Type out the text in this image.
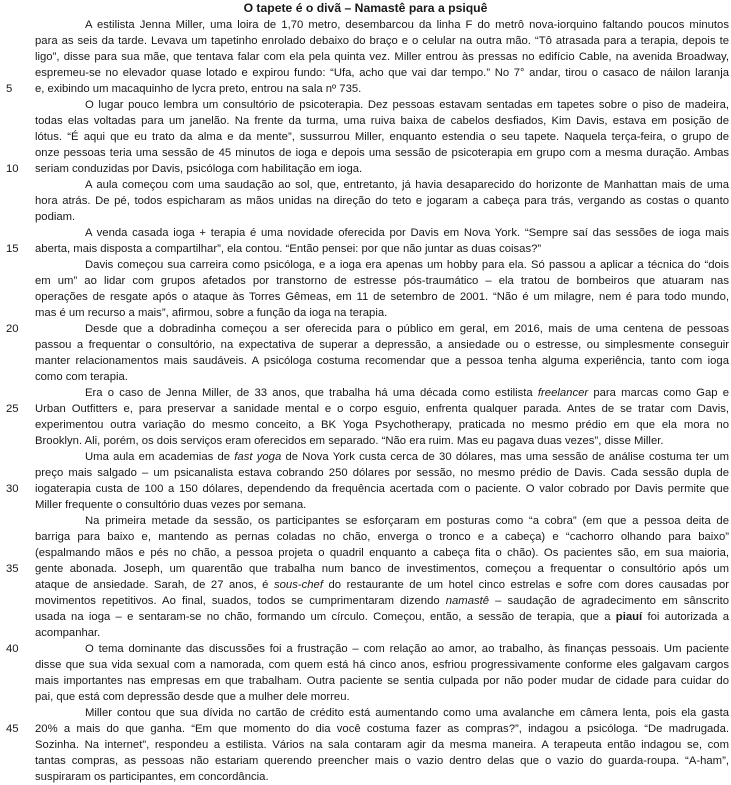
O tapete é o divã – Namastê para a psiquê
A estilista Jenna Miller, uma loira de 1,70 metro, desembarcou da linha F do metrô nova-iorquino faltando poucos minutos
para as seis da tarde. Levava um tapetinho enrolado debaixo do braço e o celular na outra mão. “Tô atrasada para a terapia, depois te
ligo”, disse para sua mãe, que tentava falar com ela pela quinta vez. Miller entrou às pressas no edifício Cable, na avenida Broadway,
espremeu-se no elevador quase lotado e expirou fundo: “Ufa, acho que vai dar tempo.” No 7° andar, tirou o casaco de náilon laranja
5	e, exibindo um macaquinho de lycra preto, entrou na sala nº 735.
O lugar pouco lembra um consultório de psicoterapia. Dez pessoas estavam sentadas em tapetes sobre o piso de madeira,
todas elas voltadas para um janelão. Na frente da turma, uma ruiva baixa de cabelos desfiados, Kim Davis, estava em posição de
lótus. “É aqui que eu trato da alma e da mente”, sussurrou Miller, enquanto estendia o seu tapete. Naquela terça-feira, o grupo de
onze pessoas teria uma sessão de 45 minutos de ioga e depois uma sessão de psicoterapia em grupo com a mesma duração. Ambas
10	seriam conduzidas por Davis, psicóloga com habilitação em ioga.
A aula começou com uma saudação ao sol, que, entretanto, já havia desaparecido do horizonte de Manhattan mais de uma
hora atrás. De pé, todos espicharam as mãos unidas na direção do teto e jogaram a cabeça para trás, vergando as costas o quanto
podiam.
A venda casada ioga + terapia é uma novidade oferecida por Davis em Nova York. “Sempre saí das sessões de ioga mais
15	aberta, mais disposta a compartilhar”, ela contou. “Então pensei: por que não juntar as duas coisas?”
Davis começou sua carreira como psicóloga, e a ioga era apenas um hobby para ela. Só passou a aplicar a técnica do “dois
em um” ao lidar com grupos afetados por transtorno de estresse pós-traumático – ela tratou de bombeiros que atuaram nas
operações de resgate após o ataque às Torres Gêmeas, em 11 de setembro de 2001. “Não é um milagre, nem é para todo mundo,
mas é um recurso a mais”, afirmou, sobre a função da ioga na terapia.
20	Desde que a dobradinha começou a ser oferecida para o público em geral, em 2016, mais de uma centena de pessoas
passou a frequentar o consultório, na expectativa de superar a depressão, a ansiedade ou o estresse, ou simplesmente conseguir
manter relacionamentos mais saudáveis. A psicóloga costuma recomendar que a pessoa tenha alguma experiência, tanto com ioga
como com terapia.
Era o caso de Jenna Miller, de 33 anos, que trabalha há uma década como estilista freelancer para marcas como Gap e
25	Urban Outfitters e, para preservar a sanidade mental e o corpo esguio, enfrenta qualquer parada. Antes de se tratar com Davis,
experimentou outra variação do mesmo conceito, a BK Yoga Psychotherapy, praticada no mesmo prédio em que ela mora no
Brooklyn. Ali, porém, os dois serviços eram oferecidos em separado. “Não era ruim. Mas eu pagava duas vezes”, disse Miller.
Uma aula em academias de fast yoga de Nova York custa cerca de 30 dólares, mas uma sessão de análise costuma ter um
preço mais salgado – um psicanalista estava cobrando 250 dólares por sessão, no mesmo prédio de Davis. Cada sessão dupla de
30	iogaterapia custa de 100 a 150 dólares, dependendo da frequência acertada com o paciente. O valor cobrado por Davis permite que
Miller frequente o consultório duas vezes por semana.
Na primeira metade da sessão, os participantes se esforçaram em posturas como “a cobra” (em que a pessoa deita de
barriga para baixo e, mantendo as pernas coladas no chão, enverga o tronco e a cabeça) e “cachorro olhando para baixo”
(espalmando mãos e pés no chão, a pessoa projeta o quadril enquanto a cabeça fita o chão). Os pacientes são, em sua maioria,
35	gente abonada. Joseph, um quarentão que trabalha num banco de investimentos, começou a frequentar o consultório após um
ataque de ansiedade. Sarah, de 27 anos, é sous-chef do restaurante de um hotel cinco estrelas e sofre com dores causadas por
movimentos repetitivos. Ao final, suados, todos se cumprimentaram dizendo namastê – saudação de agradecimento em sânscrito
usada na ioga – e sentaram-se no chão, formando um círculo. Começou, então, a sessão de terapia, que a piauí foi autorizada a
acompanhar.
40	O tema dominante das discussões foi a frustração – com relação ao amor, ao trabalho, às finanças pessoais. Um paciente
disse que sua vida sexual com a namorada, com quem está há cinco anos, esfriou progressivamente conforme eles galgavam cargos
mais importantes nas empresas em que trabalham. Outra paciente se sentia culpada por não poder mudar de cidade para cuidar do
pai, que está com depressão desde que a mulher dele morreu.
Miller contou que sua dívida no cartão de crédito está aumentando como uma avalanche em câmera lenta, pois ela gasta
45	20% a mais do que ganha. “Em que momento do dia você costuma fazer as compras?”, indagou a psicóloga. “De madrugada.
Sozinha. Na internet”, respondeu a estilista. Vários na sala contaram agir da mesma maneira. A terapeuta então indagou se, com
tantas compras, as pessoas não estariam querendo preencher mais o vazio dentro delas que o vazio do guarda-roupa. “A-ham”,
suspiraram os participantes, em concordância.
